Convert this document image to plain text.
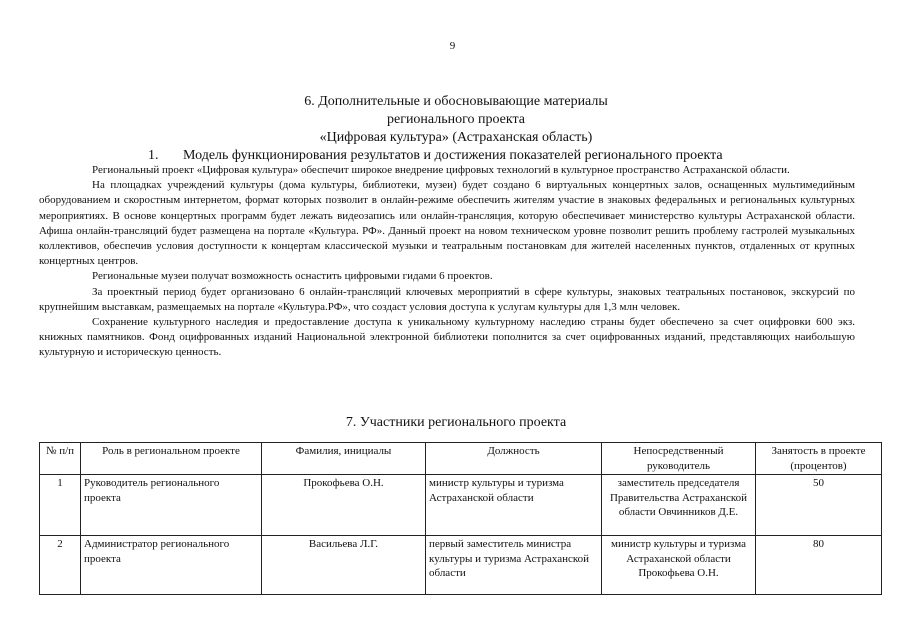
9
6. Дополнительные и обосновывающие материалы
регионального проекта
«Цифровая культура» (Астраханская область)
1. Модель функционирования результатов и достижения показателей регионального проекта

Региональный проект «Цифровая культура» обеспечит широкое внедрение цифровых технологий в культурное пространство Астраханской области.

На площадках учреждений культуры (дома культуры, библиотеки, музеи) будет создано 6 виртуальных концертных залов, оснащенных мультимедийным оборудованием и скоростным интернетом, формат которых позволит в онлайн-режиме обеспечить жителям участие в знаковых федеральных и региональных культурных мероприятиях. В основе концертных программ будет лежать видеозапись или онлайн-трансляция, которую обеспечивает министерство культуры Астраханской области. Афиша онлайн-трансляций будет размещена на портале «Культура. РФ». Данный проект на новом техническом уровне позволит решить проблему гастролей музыкальных коллективов, обеспечив условия доступности к концертам классической музыки и театральным постановкам для жителей населенных пунктов, отдаленных от крупных концертных центров.

Региональные музеи получат возможность оснастить цифровыми гидами 6 проектов.

За проектный период будет организовано 6 онлайн-трансляций ключевых мероприятий в сфере культуры, знаковых театральных постановок, экскурсий по крупнейшим выставкам, размещаемых на портале «Культура.РФ», что создаст условия доступа к услугам культуры для 1,3 млн человек.

Сохранение культурного наследия и предоставление доступа к уникальному культурному наследию страны будет обеспечено за счет оцифровки 600 экз. книжных памятников. Фонд оцифрованных изданий Национальной электронной библиотеки пополнится за счет оцифрованных изданий, представляющих наибольшую культурную и историческую ценность.

7. Участники регионального проекта
№ п/п	Роль в региональном проекте	Фамилия, инициалы	Должность	Непосредственный руководитель	Занятость в проекте (процентов)
1	Руководитель регионального проекта	Прокофьева О.Н.	министр культуры и туризма Астраханской области	заместитель председателя Правительства Астраханской области Овчинников Д.Е.	50
2	Администратор регионального проекта	Васильева Л.Г.	первый заместитель министра культуры и туризма Астраханской области	министр культуры и туризма Астраханской области Прокофьева О.Н.	80
